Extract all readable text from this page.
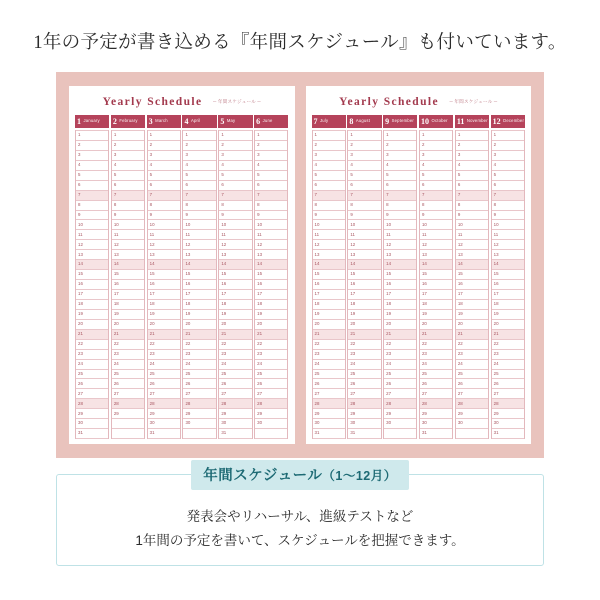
1年の予定が書き込める『年間スケジュール』も付いています。
Yearly Schedule ─ 年間スケジュール ─
1 January 2 February 3 March 4 April 5 May	6 June
1
2
3
4
5
6
7
8
9
10
11
12
13
14
15
16
17
18
19
20
21
22
23
24
25
26
27
28
29
30
31
1
2
3
4
5
6
7
8
9
10
11
12
13
14
15
16
17
18
19
20
21
22
23
24
25
26
27
28
29
1
2
3
4
5
6
7
8
9
10
11
12
13
14
15
16
17
18
19
20
21
22
23
24
25
26
27
28
29
30
31
1
2
3
4
5
6
7
8
9
10
11
12
13
14
15
16
17
18
19
20
21
22
23
24
25
26
27
28
29
30
1
2
3
4
5
6
7
8
9
10
11
12
13
14
15
16
17
18
19
20
21
22
23
24
25
26
27
28
29
30
31
1
2
3
4
5
6
7
8
9
10
11
12
13
14
15
16
17
18
19
20
21
22
23
24
25
26
27
28
29
30
Yearly Schedule ─ 年間スケジュール ─
7 July	8 August 9 September 10 October 11 November 12 December
1
2
3
4
5
6
7
8
9
10
11
12
13
14
15
16
17
18
19
20
21
22
23
24
25
26
27
28
29
30
31
1
2
3
4
5
6
7
8
9
10
11
12
13
14
15
16
17
18
19
20
21
22
23
24
25
26
27
28
29
30
31
1
2
3
4
5
6
7
8
9
10
11
12
13
14
15
16
17
18
19
20
21
22
23
24
25
26
27
28
29
30
1
2
3
4
5
6
7
8
9
10
11
12
13
14
15
16
17
18
19
20
21
22
23
24
25
26
27
28
29
30
31
1
2
3
4
5
6
7
8
9
10
11
12
13
14
15
16
17
18
19
20
21
22
23
24
25
26
27
28
29
30
1
2
3
4
5
6
7
8
9
10
11
12
13
14
15
16
17
18
19
20
21
22
23
24
25
26
27
28
29
30
31
年間スケジュール（1〜12月）
発表会やリハーサル、進級テストなど
1年間の予定を書いて、スケジュールを把握できます。
